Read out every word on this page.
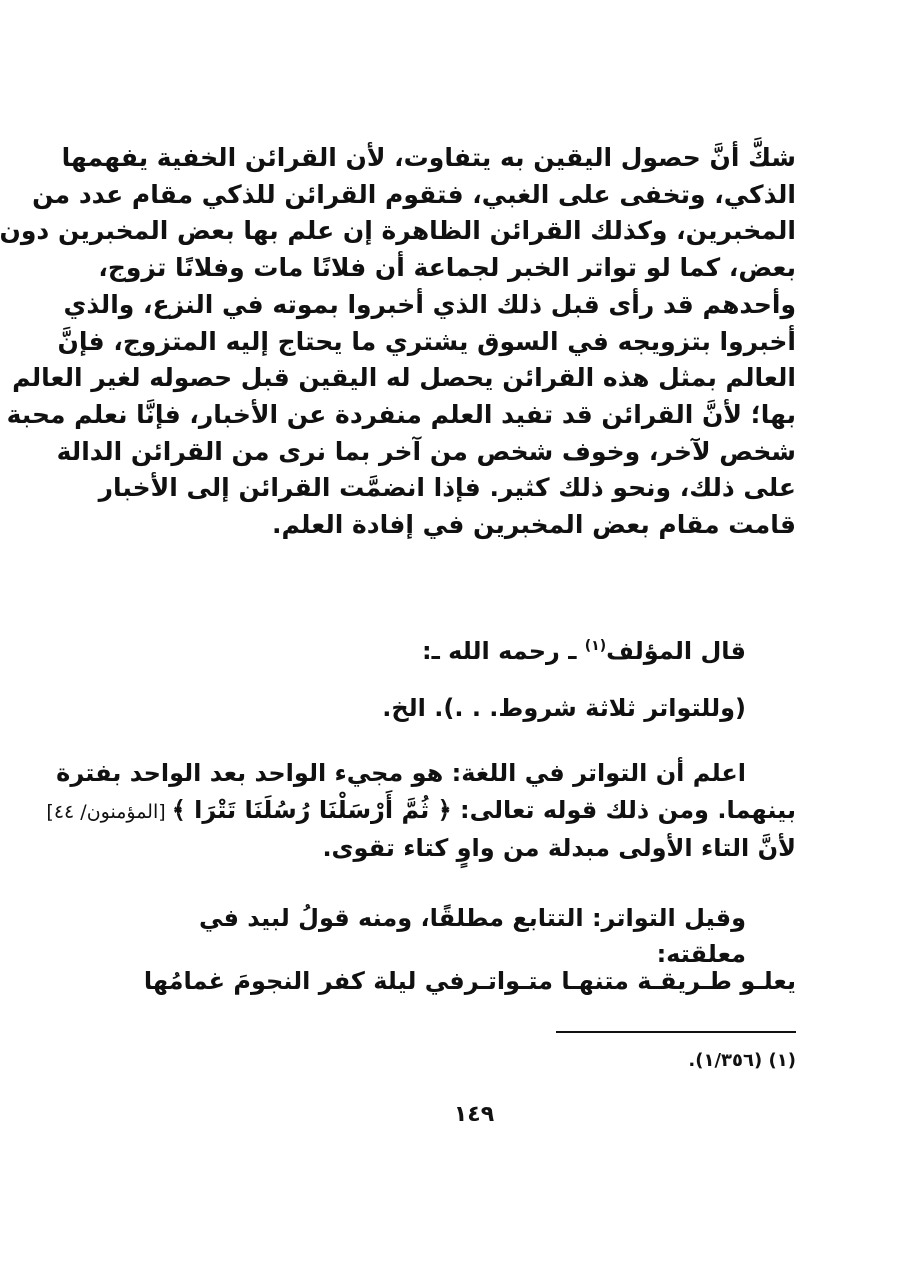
شكَّ أنَّ حصول اليقين به يتفاوت، لأن القرائن الخفية يفهمها
الذكي، وتخفى على الغبي، فتقوم القرائن للذكي مقام عدد من
المخبرين، وكذلك القرائن الظاهرة إن علم بها بعض المخبرين دون
بعض، كما لو تواتر الخبر لجماعة أن فلانًا مات وفلانًا تزوج،
وأحدهم قد رأى قبل ذلك الذي أخبروا بموته في النزع، والذي
أخبروا بتزويجه في السوق يشتري ما يحتاج إليه المتزوج، فإنَّ
العالم بمثل هذه القرائن يحصل له اليقين قبل حصوله لغير العالم
بها؛ لأنَّ القرائن قد تفيد العلم منفردة عن الأخبار، فإنَّا نعلم محبة
شخص لآخر، وخوف شخص من آخر بما نرى من القرائن الدالة
على ذلك، ونحو ذلك كثير. فإذا انضمَّت القرائن إلى الأخبار
قامت مقام بعض المخبرين في إفادة العلم.
قال المؤلف$^{(١)}$ ـ رحمه الله ـ:
(وللتواتر ثلاثة شروط. . .). الخ.
اعلم أن التواتر في اللغة: هو مجيء الواحد بعد الواحد بفترة
بينهما. ومن ذلك قوله تعالى: ﴿ ثُمَّ أَرْسَلْنَا رُسُلَنَا تَتْرَا ﴾ [المؤمنون/ ٤٤]
لأنَّ التاء الأولى مبدلة من واوٍ كتاء تقوى.
وقيل التواتر: التتابع مطلقًا، ومنه قولُ لبيد في معلقته:
يعلـو طـريقـة متنهـا متـواتـر
في ليلة كفر النجومَ غمامُها
(١) (١/٣٥٦).
١٤٩
